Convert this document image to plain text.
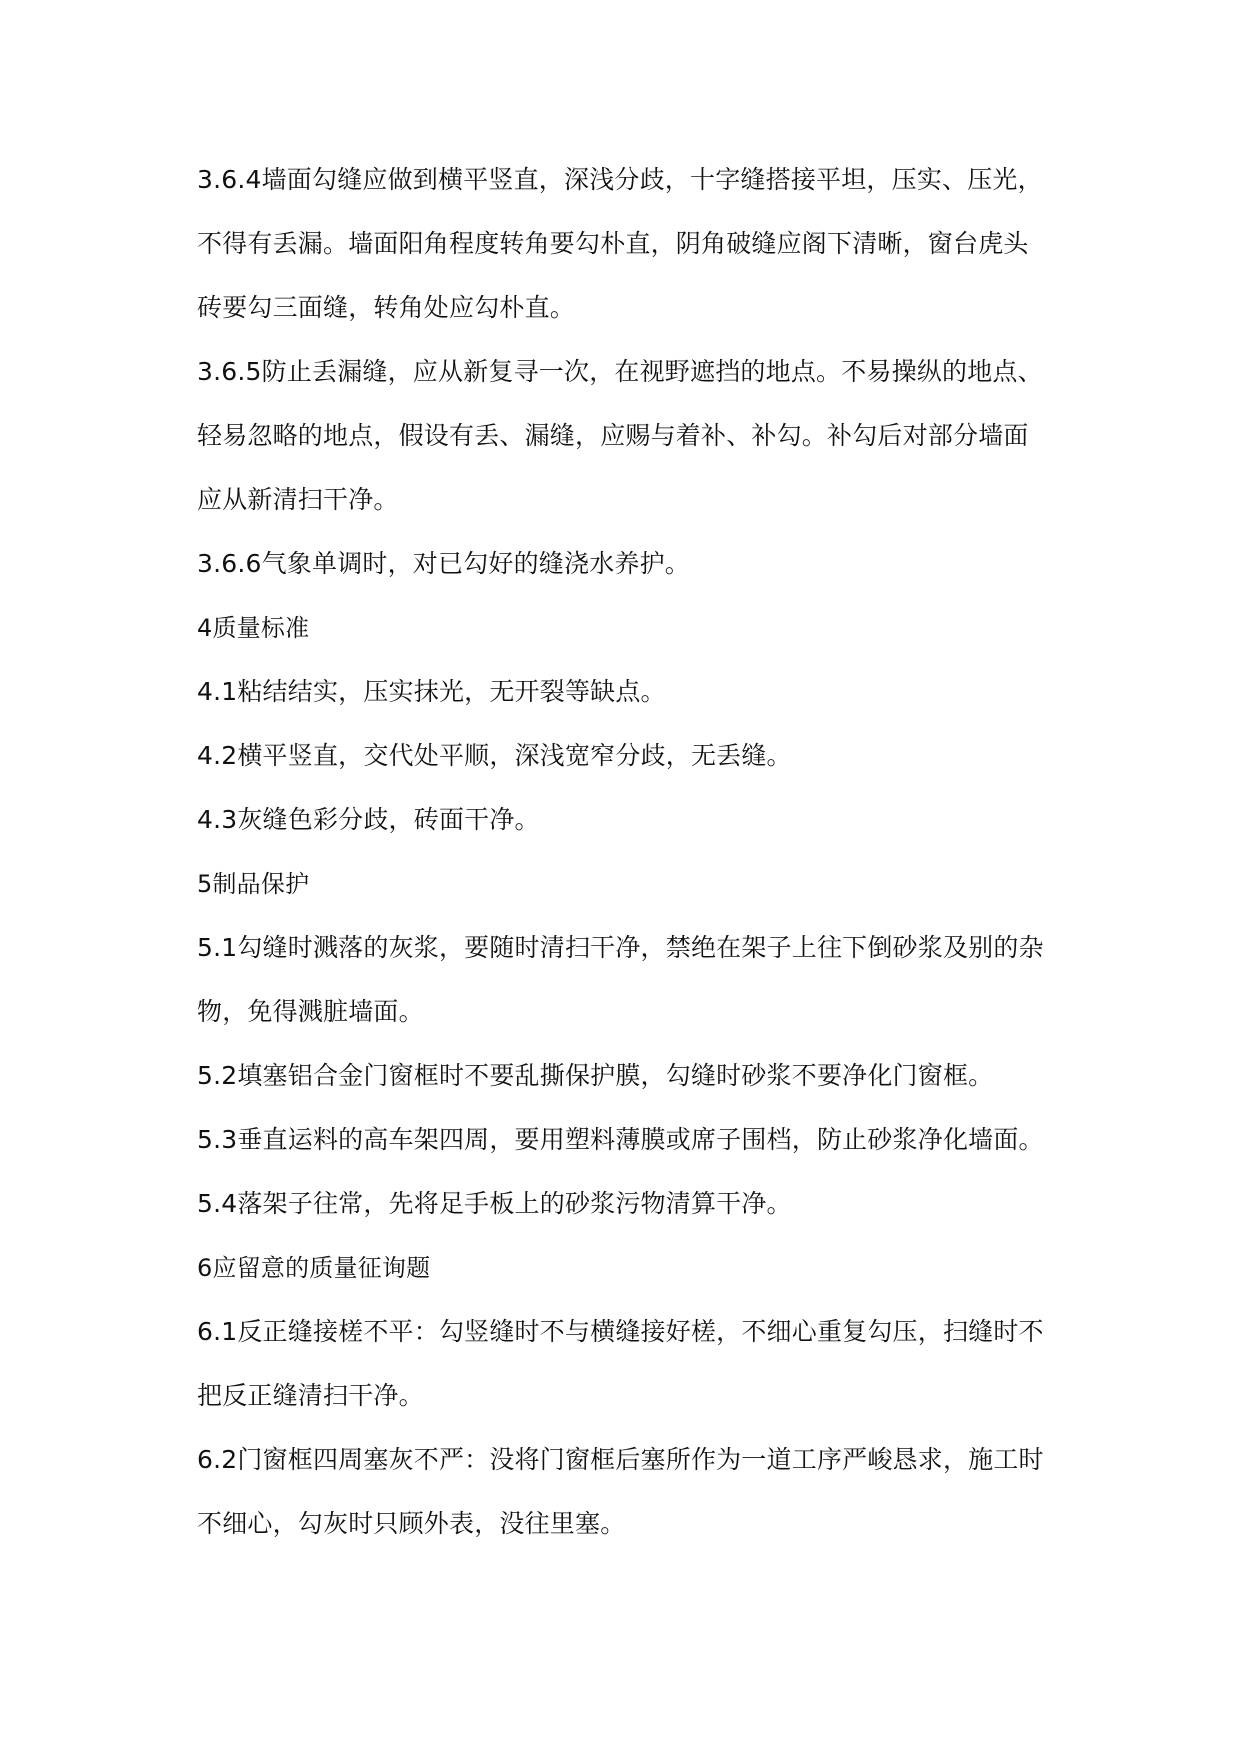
3.6.4墙面勾缝应做到横平竖直，深浅分歧，十字缝搭接平坦，压实、压光，
不得有丢漏。墙面阳角程度转角要勾朴直，阴角破缝应阁下清晰，窗台虎头
砖要勾三面缝，转角处应勾朴直。
3.6.5防止丢漏缝，应从新复寻一次，在视野遮挡的地点。不易操纵的地点、
轻易忽略的地点，假设有丢、漏缝，应赐与着补、补勾。补勾后对部分墙面
应从新清扫干净。
3.6.6气象单调时，对已勾好的缝浇水养护。
4质量标准
4.1粘结结实，压实抹光，无开裂等缺点。
4.2横平竖直，交代处平顺，深浅宽窄分歧，无丢缝。
4.3灰缝色彩分歧，砖面干净。
5制品保护
5.1勾缝时溅落的灰浆，要随时清扫干净，禁绝在架子上往下倒砂浆及别的杂
物，免得溅脏墙面。
5.2填塞铝合金门窗框时不要乱撕保护膜，勾缝时砂浆不要净化门窗框。
5.3垂直运料的高车架四周，要用塑料薄膜或席子围档，防止砂浆净化墙面。
5.4落架子往常，先将足手板上的砂浆污物清算干净。
6应留意的质量征询题
6.1反正缝接槎不平：勾竖缝时不与横缝接好槎，不细心重复勾压，扫缝时不
把反正缝清扫干净。
6.2门窗框四周塞灰不严：没将门窗框后塞所作为一道工序严峻恳求，施工时
不细心，勾灰时只顾外表，没往里塞。
